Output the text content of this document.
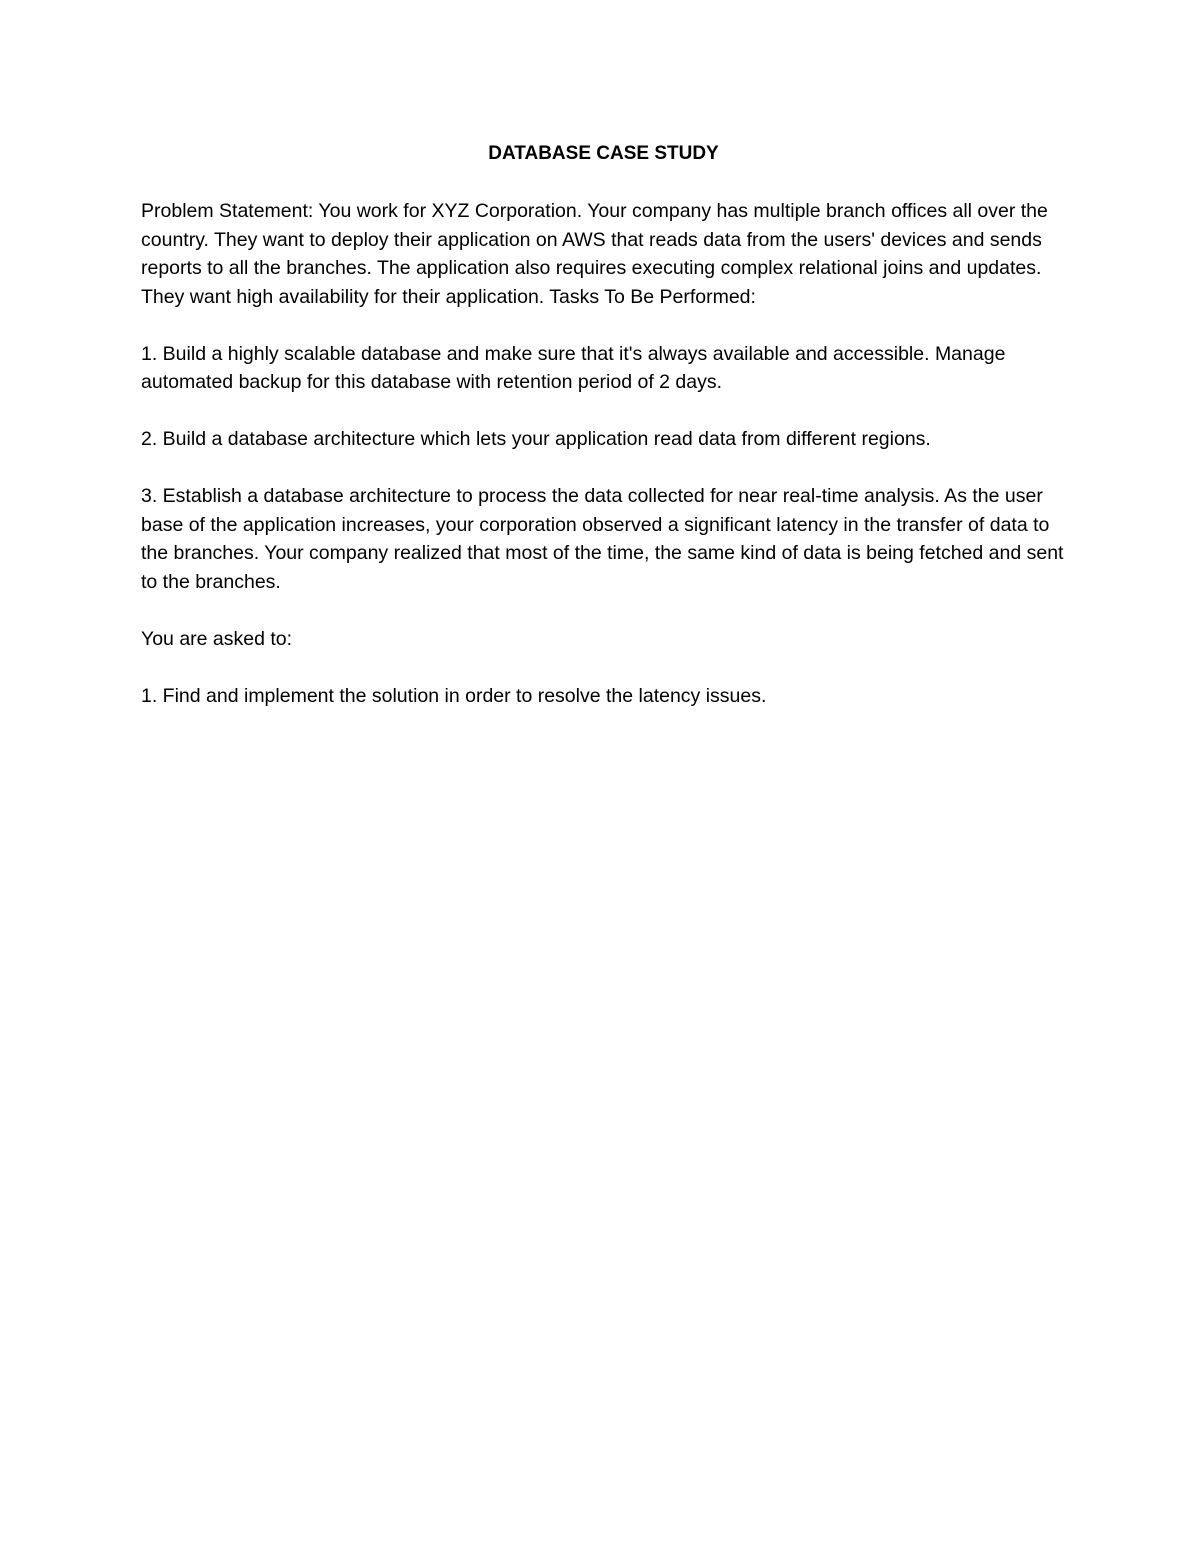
DATABASE CASE STUDY

Problem Statement: You work for XYZ Corporation. Your company has multiple branch offices all over the country. They want to deploy their application on AWS that reads data from the users' devices and sends reports to all the branches. The application also requires executing complex relational joins and updates. They want high availability for their application. Tasks To Be Performed:

1. Build a highly scalable database and make sure that it's always available and accessible. Manage automated backup for this database with retention period of 2 days.

2. Build a database architecture which lets your application read data from different regions.

3. Establish a database architecture to process the data collected for near real-time analysis. As the user base of the application increases, your corporation observed a significant latency in the transfer of data to the branches. Your company realized that most of the time, the same kind of data is being fetched and sent to the branches.

You are asked to:

1. Find and implement the solution in order to resolve the latency issues.
